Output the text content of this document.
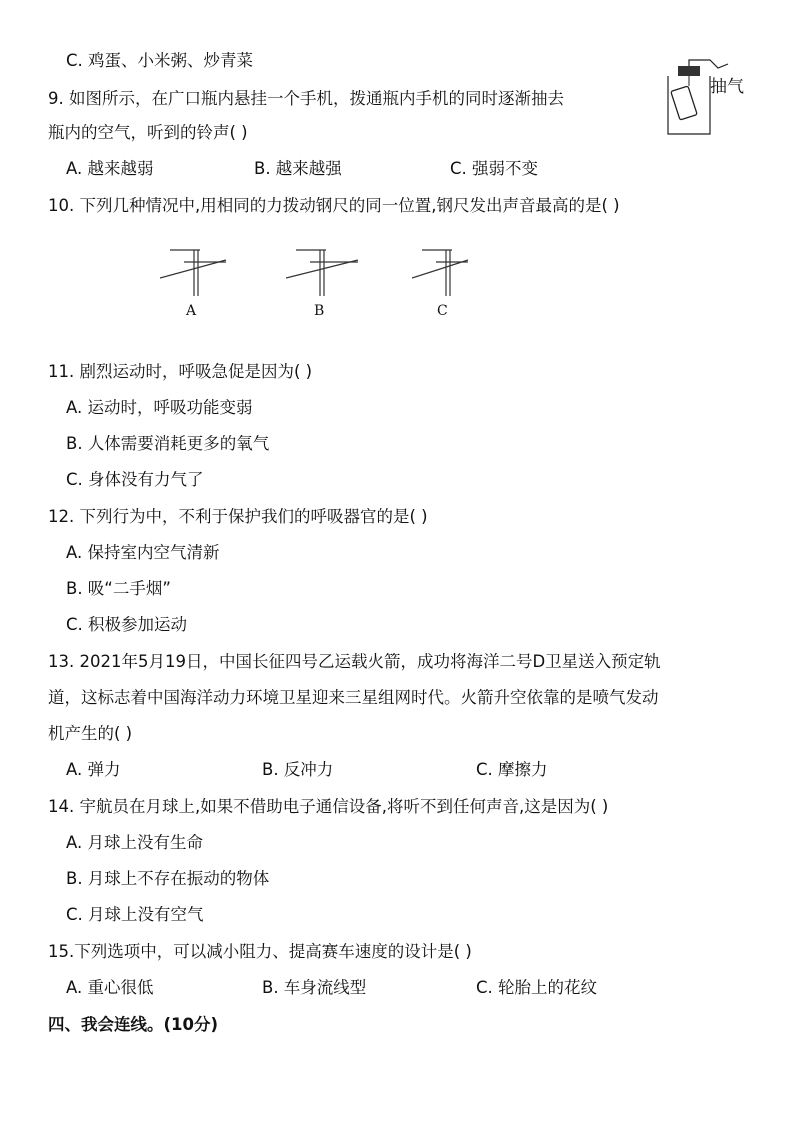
C. 鸡蛋、小米粥、炒青菜
9. 如图所示，在广口瓶内悬挂一个手机，拨通瓶内手机的同时逐渐抽去
瓶内的空气，听到的铃声( )
A. 越来越弱	B. 越来越强	C. 强弱不变
抽气
10. 下列几种情况中,用相同的力拨动钢尺的同一位置,钢尺发出声音最高的是( )
A	B	C
11. 剧烈运动时，呼吸急促是因为( )
A. 运动时，呼吸功能变弱
B. 人体需要消耗更多的氧气
C. 身体没有力气了
12. 下列行为中，不利于保护我们的呼吸器官的是( )
A. 保持室内空气清新
B. 吸“二手烟”
C. 积极参加运动
13. 2021年5月19日，中国长征四号乙运载火箭，成功将海洋二号D卫星送入预定轨
道，这标志着中国海洋动力环境卫星迎来三星组网时代。火箭升空依靠的是喷气发动
机产生的( )
A. 弹力	B. 反冲力	C. 摩擦力
14. 宇航员在月球上,如果不借助电子通信设备,将听不到任何声音,这是因为( )
A. 月球上没有生命
B. 月球上不存在振动的物体
C. 月球上没有空气
15.下列选项中，可以减小阻力、提高赛车速度的设计是( )
A. 重心很低	B. 车身流线型	C. 轮胎上的花纹
四、我会连线。(10分)
